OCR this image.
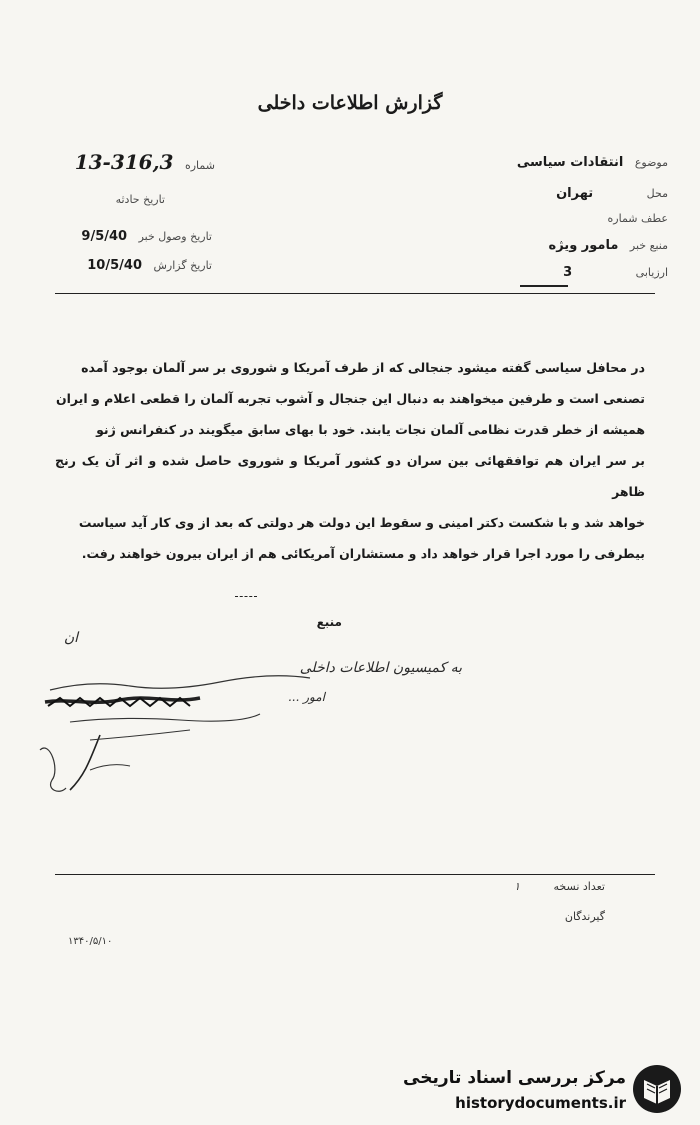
گزارش اطلاعات داخلی
موضوع انتقادات سیاسی
محل تهران
عطف شماره
منبع خبر مامور ویژه
ارزیابی 3
شماره 316,3-13
تاریخ حادثه
تاریخ وصول خبر 9/5/40
تاریخ گزارش 10/5/40
در محافل سیاسی گفته میشود جنجالی که از طرف آمریکا و شوروی بر سر آلمان بوجود آمده
تصنعی است و طرفین میخواهند به دنبال این جنجال و آشوب تجربه آلمان را قطعی اعلام و ایران
همیشه از خطر قدرت نظامی آلمان نجات یابند. خود با بهای سابق میگویند در کنفرانس ژنو
بر سر ایران هم توافقهائی بین سران دو کشور آمریکا و شوروی حاصل شده و اثر آن یک رنج ظاهر
خواهد شد و با شکست دکتر امینی و سقوط این دولت هر دولتی که بعد از وی کار آید سیاست
بیطرفی را مورد اجرا قرار خواهد داد و مستشاران آمریکائی هم از ایران بیرون خواهند رفت.
منبع
ان
به کمیسیون اطلاعات داخلی
امور ...
تعداد نسخه ۱
گیرندگان
۱۳۴۰/۵/۱۰
مرکز بررسی اسناد تاریخی
historydocuments.ir
